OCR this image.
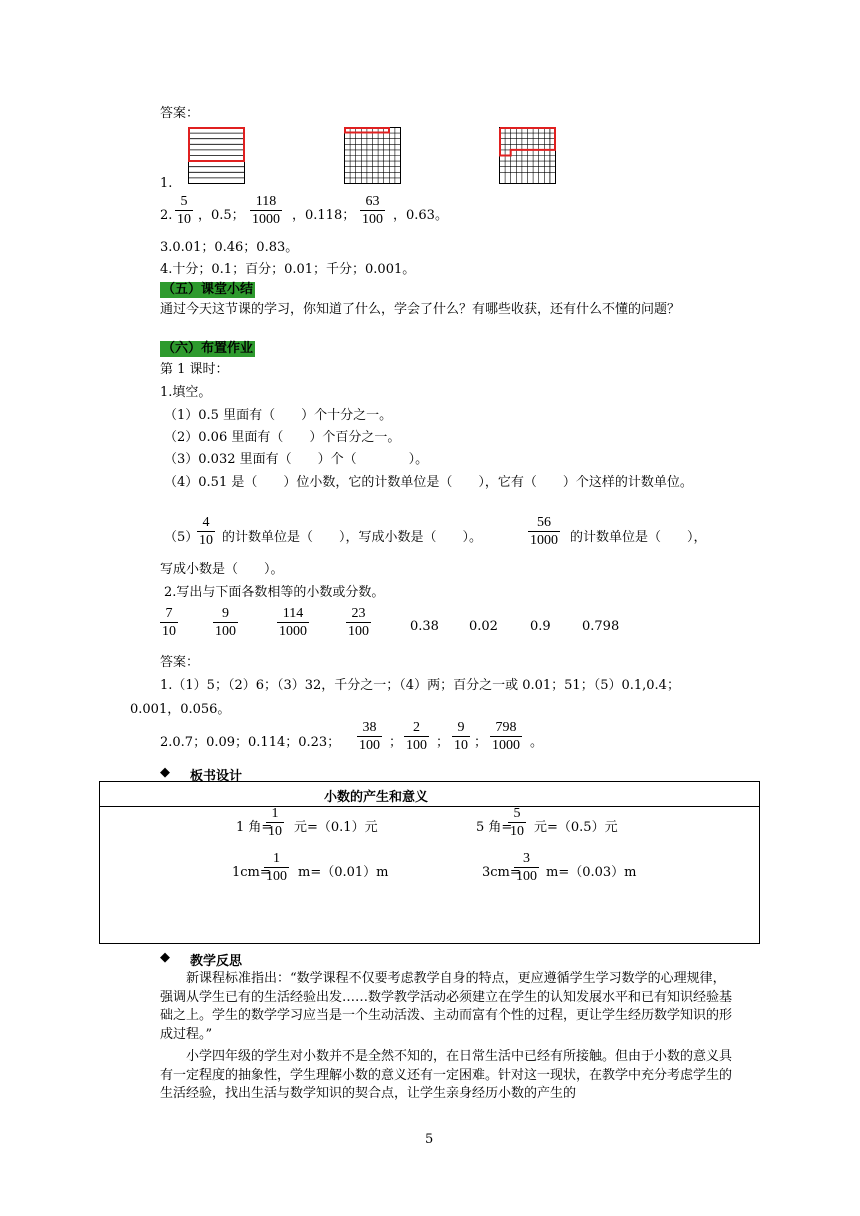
答案：
1.
2.
5
10 ，0.5；
118
1000 ，0.118；
63
100 ，0.63。
3.0.01；0.46；0.83。
4.十分；0.1；百分；0.01；千分；0.001。
（五）课堂小结
通过今天这节课的学习，你知道了什么，学会了什么？有哪些收获，还有什么不懂的问题？
（六）布置作业
第 1 课时：
1.填空。
（1）0.5 里面有（　　）个十分之一。
（2）0.06 里面有（　　）个百分之一。
（3）0.032 里面有（　　）个（　　　　）。
（4）0.51 是（　　）位小数，它的计数单位是（　　），它有（　　）个这样的计数单位。
（5）
4
10 的计数单位是（　　），写成小数是（　　）。
56
1000 的计数单位是（　　），
写成小数是（　　）。
2.写出与下面各数相等的小数或分数。
7
10
9
100
114
1000
23
100	0.38 0.02 0.9 0.798
答案：
1.（1）5；（2）6；（3）32，千分之一；（4）两；百分之一或 0.01；51；（5）0.1,0.4；
0.001，0.056。
2.0.7；0.09；0.114；0.23；
38
100 ；
2
100 ；
9
10 ；
798
1000 。
◆ 板书设计
小数的产生和意义
1 角=
1
10 元=（0.1）元	5 角=
5
10 元=（0.5）元
1cm=
1
100 m=（0.01）m	3cm=
3
100 m=（0.03）m
◆ 教学反思
新课程标准指出：“数学课程不仅要考虑教学自身的特点，更应遵循学生学习数学的心理规律，强调从学生已有的生活经验出发……数学教学活动必须建立在学生的认知发展水平和已有知识经验基础之上。学生的数学学习应当是一个生动活泼、主动而富有个性的过程，更让学生经历数学知识的形成过程。”
小学四年级的学生对小数并不是全然不知的，在日常生活中已经有所接触。但由于小数的意义具有一定程度的抽象性，学生理解小数的意义还有一定困难。针对这一现状，在教学中充分考虑学生的生活经验，找出生活与数学知识的契合点，让学生亲身经历小数的产生的
5
